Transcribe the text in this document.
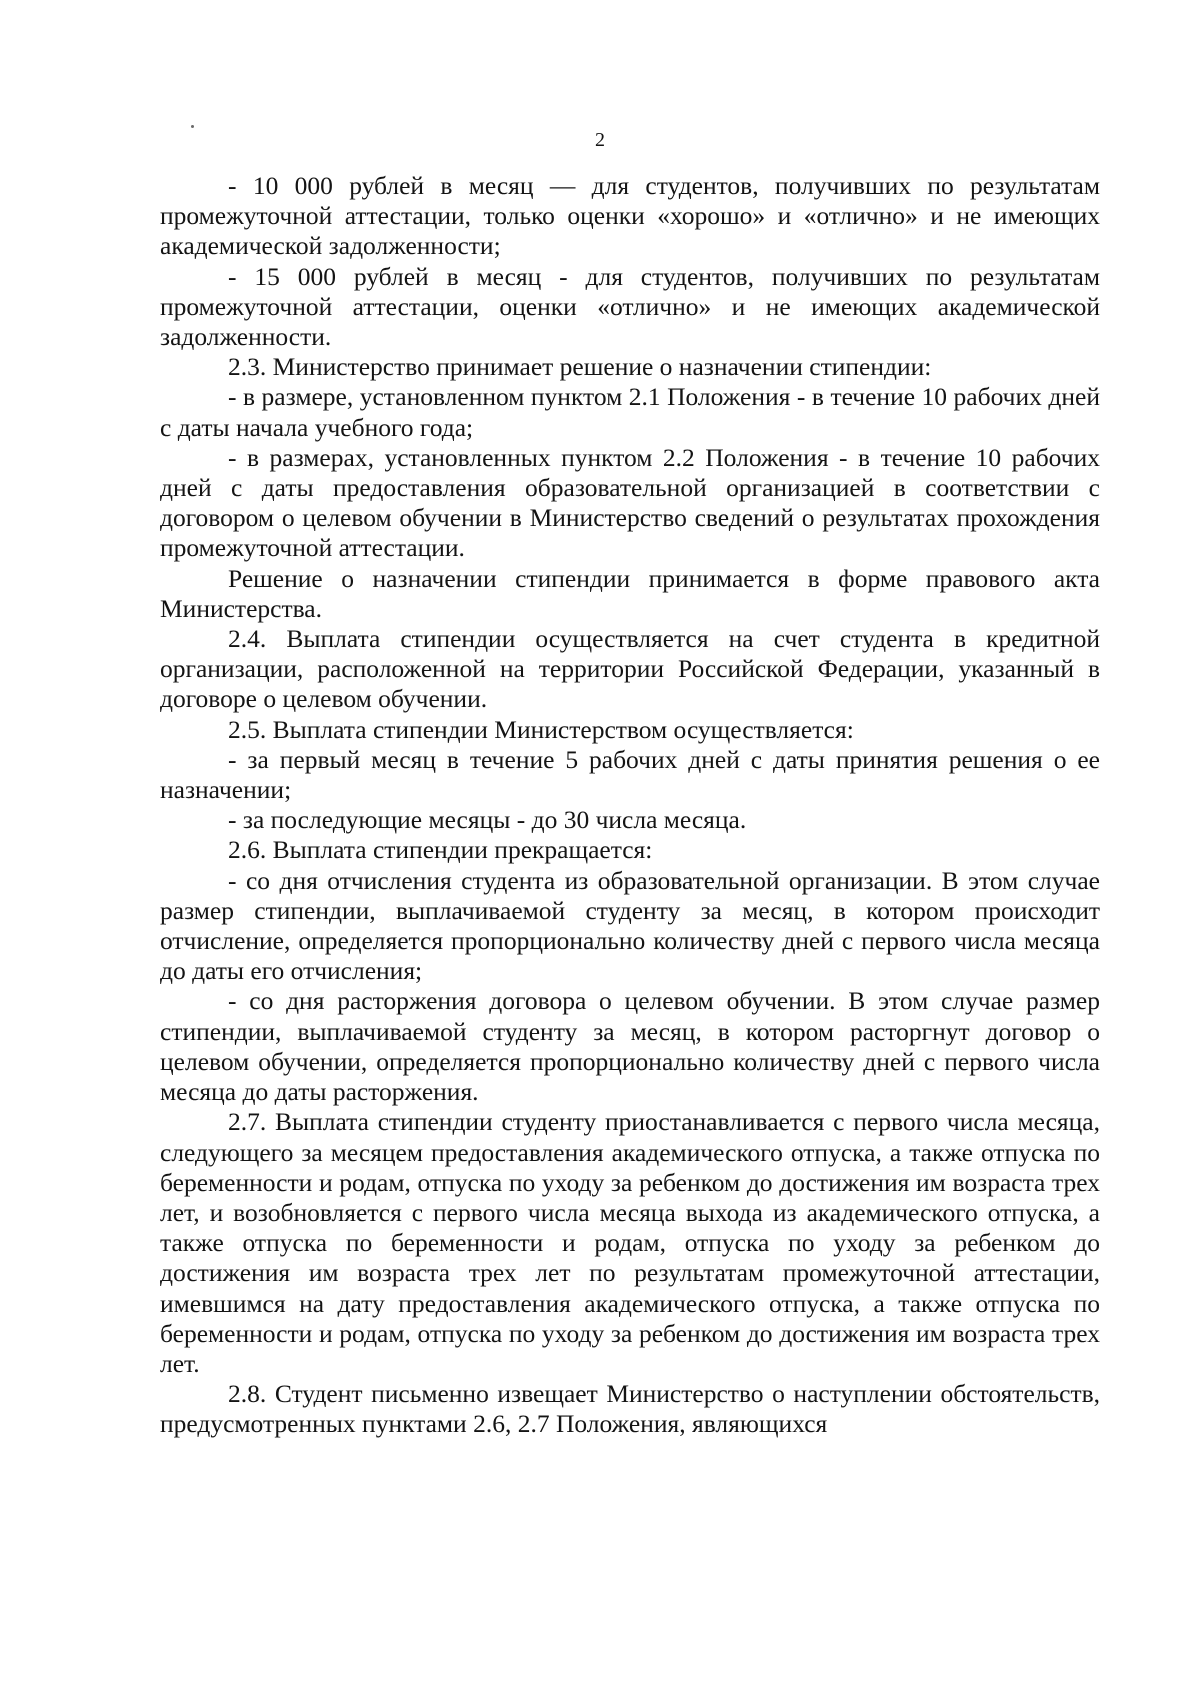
2

- 10 000 рублей в месяц — для студентов, получивших по результатам промежуточной аттестации, только оценки «хорошо» и «отлично» и не имеющих академической задолженности;

- 15 000 рублей в месяц - для студентов, получивших по результатам промежуточной аттестации, оценки «отлично» и не имеющих академической задолженности.

2.3. Министерство принимает решение о назначении стипендии:

- в размере, установленном пунктом 2.1 Положения - в течение 10 рабочих дней с даты начала учебного года;

- в размерах, установленных пунктом 2.2 Положения - в течение 10 рабочих дней с даты предоставления образовательной организацией в соответствии с договором о целевом обучении в Министерство сведений о результатах прохождения промежуточной аттестации.

Решение о назначении стипендии принимается в форме правового акта Министерства.

2.4. Выплата стипендии осуществляется на счет студента в кредитной организации, расположенной на территории Российской Федерации, указанный в договоре о целевом обучении.

2.5. Выплата стипендии Министерством осуществляется:

- за первый месяц в течение 5 рабочих дней с даты принятия решения о ее назначении;

- за последующие месяцы - до 30 числа месяца.

2.6. Выплата стипендии прекращается:

- со дня отчисления студента из образовательной организации. В этом случае размер стипендии, выплачиваемой студенту за месяц, в котором происходит отчисление, определяется пропорционально количеству дней с первого числа месяца до даты его отчисления;

- со дня расторжения договора о целевом обучении. В этом случае размер стипендии, выплачиваемой студенту за месяц, в котором расторгнут договор о целевом обучении, определяется пропорционально количеству дней с первого числа месяца до даты расторжения.

2.7. Выплата стипендии студенту приостанавливается с первого числа месяца, следующего за месяцем предоставления академического отпуска, а также отпуска по беременности и родам, отпуска по уходу за ребенком до достижения им возраста трех лет, и возобновляется с первого числа месяца выхода из академического отпуска, а также отпуска по беременности и родам, отпуска по уходу за ребенком до достижения им возраста трех лет по результатам промежуточной аттестации, имевшимся на дату предоставления академического отпуска, а также отпуска по беременности и родам, отпуска по уходу за ребенком до достижения им возраста трех лет.

2.8. Студент письменно извещает Министерство о наступлении обстоятельств, предусмотренных пунктами 2.6, 2.7 Положения, являющихся
